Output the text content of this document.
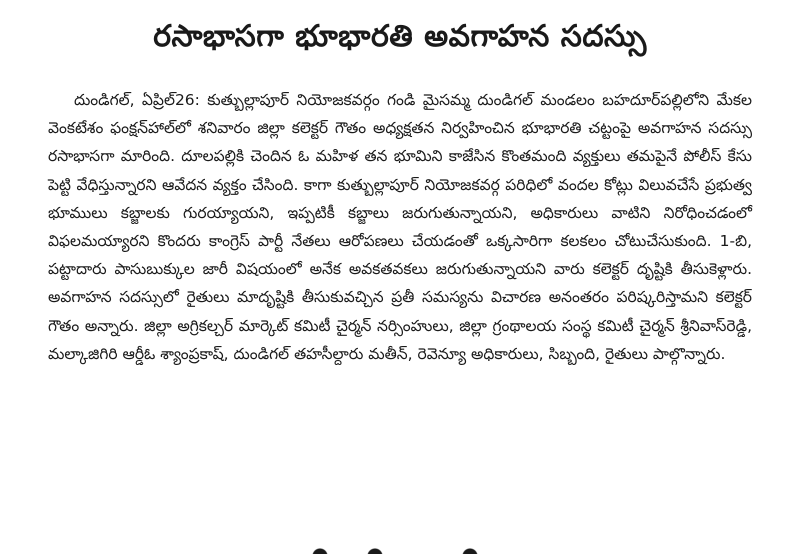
రసాభాసగా భూభారతి అవగాహన సదస్సు

దుండిగల్, ఏప్రిల్26: కుత్బుల్లాపూర్ నియోజకవర్గం గండి మైసమ్మ దుండిగల్ మండలం బహదూర్‌పల్లిలోని మేకల వెంకటేశం ఫంక్షన్‌హాల్‌లో శనివారం జిల్లా కలెక్టర్ గౌతం అధ్యక్షతన నిర్వహించిన భూభారతి చట్టంపై అవగాహన సదస్సు రసాభాసగా మారింది. దూలపల్లికి చెందిన ఓ మహిళ తన భూమిని కాజేసిన కొంతమంది వ్యక్తులు తమపైనే పోలీస్ కేసు పెట్టి వేధిస్తున్నారని ఆవేదన వ్యక్తం చేసింది. కాగా కుత్బుల్లాపూర్ నియోజకవర్గ పరిధిలో వందల కోట్లు విలువచేసే ప్రభుత్వ భూములు కబ్జాలకు గురయ్యాయని, ఇప్పటికీ కబ్జాలు జరుగుతున్నాయని, అధికారులు వాటిని నిరోధించడంలో విఫలమయ్యారని కొందరు కాంగ్రెస్ పార్టీ నేతలు ఆరోపణలు చేయడంతో ఒక్కసారిగా కలకలం చోటుచేసుకుంది. 1-బి, పట్టాదారు పాసుబుక్కుల జారీ విషయంలో అనేక అవకతవకలు జరుగుతున్నాయని వారు కలెక్టర్ దృష్టికి తీసుకెళ్లారు. అవగాహన సదస్సులో రైతులు మాదృష్టికి తీసుకువచ్చిన ప్రతీ సమస్యను విచారణ అనంతరం పరిష్కరిస్తామని కలెక్టర్ గౌతం అన్నారు. జిల్లా అగ్రికల్చర్ మార్కెట్ కమిటీ చైర్మన్ నర్సింహులు, జిల్లా గ్రంథాలయ సంస్థ కమిటీ చైర్మన్ శ్రీనివాస్‌రెడ్డి, మల్కాజిగిరి ఆర్డీఓ శ్యాంప్రకాష్, దుండిగల్ తహసీల్దారు మతీన్, రెవెన్యూ అధికారులు, సిబ్బంది, రైతులు పాల్గొన్నారు.
